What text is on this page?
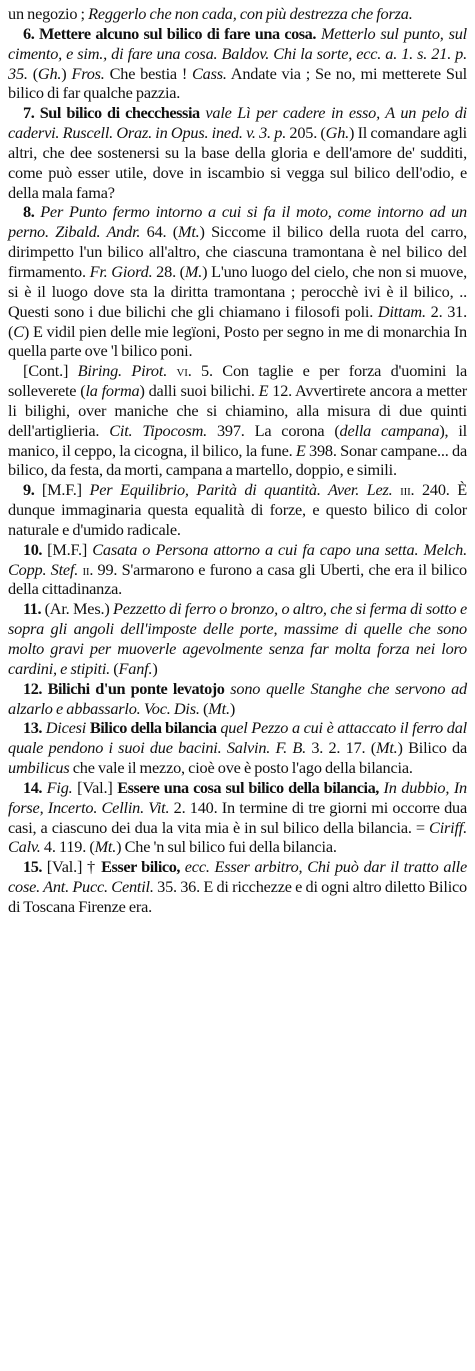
un negozio ; Reggerlo che non cada, con più destrezza che forza.

6. Mettere alcuno sul bilico di fare una cosa. Metterlo sul punto, sul cimento, e sim., di fare una cosa. Baldov. Chi la sorte, ecc. a. 1. s. 21. p. 35. (Gh.) Fros. Che bestia ! Cass. Andate via ; Se no, mi metterete Sul bilico di far qualche pazzia.

7. Sul bilico di checchessia vale Lì per cadere in esso, A un pelo di cadervi. Ruscell. Oraz. in Opus. ined. v. 3. p. 205. (Gh.) Il comandare agli altri, che dee sostenersi su la base della gloria e dell'amore de' sudditi, come può esser utile, dove in iscambio si vegga sul bilico dell'odio, e della mala fama?

8. Per Punto fermo intorno a cui si fa il moto, come intorno ad un perno. Zibald. Andr. 64. (Mt.) Siccome il bilico della ruota del carro, dirimpetto l'un bilico all'altro, che ciascuna tramontana è nel bilico del firmamento. Fr. Giord. 28. (M.) L'uno luogo del cielo, che non si muove, si è il luogo dove sta la diritta tramontana ; perocchè ivi è il bilico, .. Questi sono i due bilichi che gli chiamano i filosofi poli. Dittam. 2. 31. (C) E vidil pien delle mie legïoni, Posto per segno in me di monarchia In quella parte ove 'l bilico poni.

[Cont.] Biring. Pirot. vi. 5. Con taglie e per forza d'uomini la solleverete (la forma) dalli suoi bilichi. E 12. Avvertirete ancora a metter li bilighi, over maniche che si chiamino, alla misura di due quinti dell'artiglieria. Cit. Tipocosm. 397. La corona (della campana), il manico, il ceppo, la cicogna, il bilico, la fune. E 398. Sonar campane... da bilico, da festa, da morti, campana a martello, doppio, e simili.

9. [M.F.] Per Equilibrio, Parità di quantità. Aver. Lez. iii. 240. È dunque immaginaria questa equalità di forze, e questo bilico di color naturale e d'umido radicale.

10. [M.F.] Casata o Persona attorno a cui fa capo una setta. Melch. Copp. Stef. ii. 99. S'armarono e furono a casa gli Uberti, che era il bilico della cittadinanza.

11. (Ar. Mes.) Pezzetto di ferro o bronzo, o altro, che si ferma di sotto e sopra gli angoli dell'imposte delle porte, massime di quelle che sono molto gravi per muoverle agevolmente senza far molta forza nei loro cardini, e stipiti. (Fanf.)

12. Bilichi d'un ponte levatojo sono quelle Stanghe che servono ad alzarlo e abbassarlo. Voc. Dis. (Mt.)

13. Dicesi Bilico della bilancia quel Pezzo a cui è attaccato il ferro dal quale pendono i suoi due bacini. Salvin. F. B. 3. 2. 17. (Mt.) Bilico da umbilicus che vale il mezzo, cioè ove è posto l'ago della bilancia.

14. Fig. [Val.] Essere una cosa sul bilico della bilancia, In dubbio, In forse, Incerto. Cellin. Vit. 2. 140. In termine di tre giorni mi occorre dua casi, a ciascuno dei dua la vita mia è in sul bilico della bilancia. = Ciriff. Calv. 4. 119. (Mt.) Che 'n sul bilico fui della bilancia.

15. [Val.] † Esser bilico, ecc. Esser arbitro, Chi può dar il tratto alle cose. Ant. Pucc. Centil. 35. 36. E di ricchezze e di ogni altro diletto Bilico di Toscana Firenze era.
